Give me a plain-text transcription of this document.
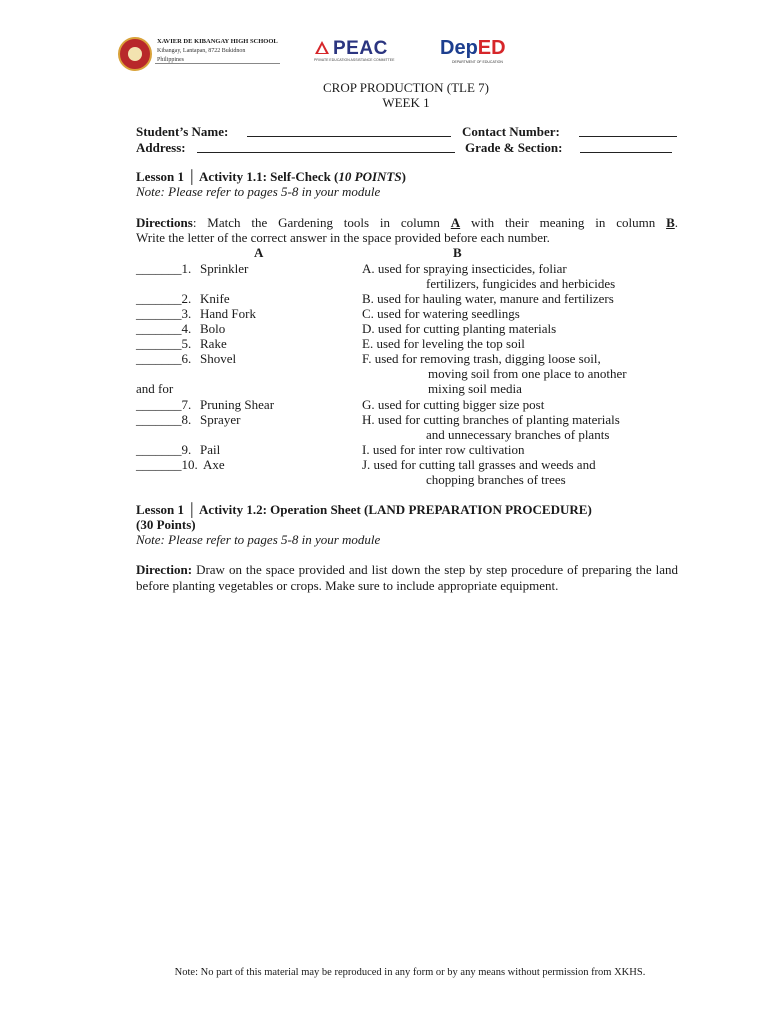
XAVIER DE KIBANGAY HIGH SCHOOL
Kibangay, Lantapan, 8722 Bukidnon
Philippines
PEAC
PRIVATE EDUCATION ASSISTANCE COMMITTEE
DepED
DEPARTMENT OF EDUCATION
CROP PRODUCTION (TLE 7)
WEEK 1
Student’s Name:	Contact Number:
Address:	Grade & Section:
Lesson 1 │ Activity 1.1: Self-Check (10 POINTS)
Note: Please refer to pages 5-8 in your module
Directions: Match the Gardening tools in column A with their meaning in column B.
Write the letter of the correct answer in the space provided before each number.
A	B
_______1. Sprinkler	A. used for spraying insecticides, foliar
fertilizers, fungicides and herbicides
_______2. Knife	B. used for hauling water, manure and fertilizers
_______3. Hand Fork	C. used for watering seedlings
_______4. Bolo	D. used for cutting planting materials
_______5. Rake	E. used for leveling the top soil
_______6. Shovel	F. used for removing trash, digging loose soil,
moving soil from one place to another
and for	mixing soil media
_______7. Pruning Shear	G. used for cutting bigger size post
_______8. Sprayer	H. used for cutting branches of planting materials
and unnecessary branches of plants
_______9. Pail	I. used for inter row cultivation
_______10. Axe	J. used for cutting tall grasses and weeds and
chopping branches of trees
Lesson 1 │ Activity 1.2: Operation Sheet (LAND PREPARATION PROCEDURE)
(30 Points)
Note: Please refer to pages 5-8 in your module
Direction: Draw on the space provided and list down the step by step procedure of preparing the land before planting vegetables or crops. Make sure to include appropriate equipment.
Note: No part of this material may be reproduced in any form or by any means without permission from XKHS.
